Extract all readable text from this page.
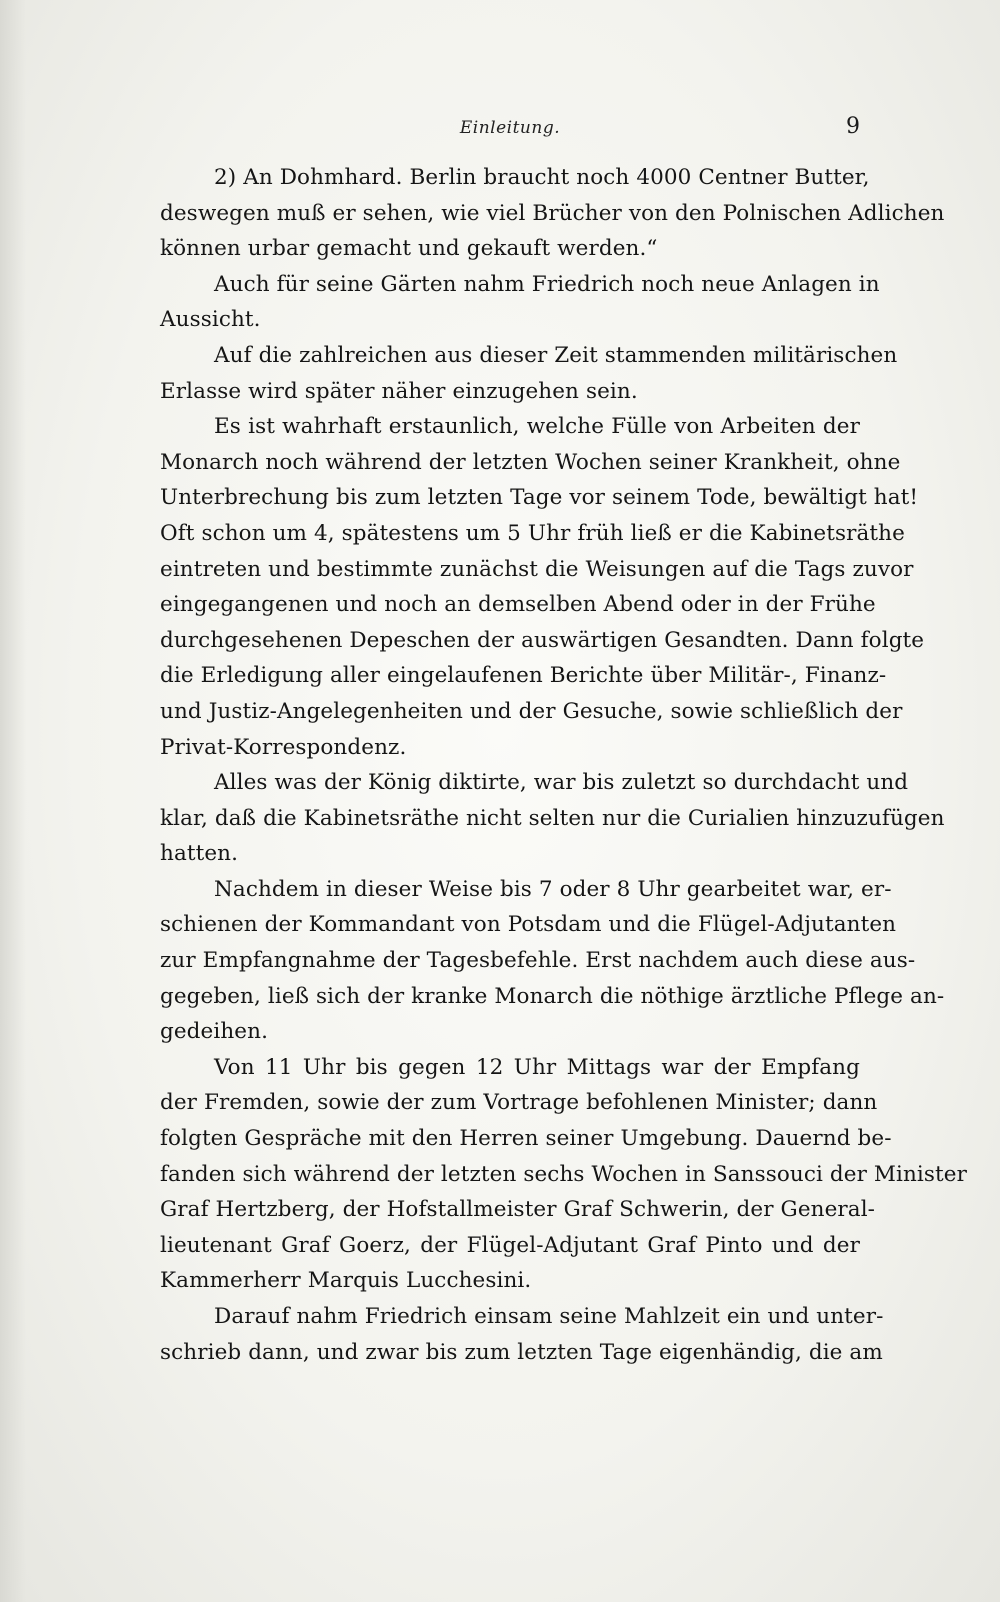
Einleitung.	9
2) An Dohmhard. Berlin braucht noch 4000 Centner Butter,
deswegen muß er sehen, wie viel Brücher von den Polnischen Adlichen
können urbar gemacht und gekauft werden.“
Auch für seine Gärten nahm Friedrich noch neue Anlagen in
Aussicht.
Auf die zahlreichen aus dieser Zeit stammenden militärischen
Erlasse wird später näher einzugehen sein.
Es ist wahrhaft erstaunlich, welche Fülle von Arbeiten der
Monarch noch während der letzten Wochen seiner Krankheit, ohne
Unterbrechung bis zum letzten Tage vor seinem Tode, bewältigt hat!
Oft schon um 4, spätestens um 5 Uhr früh ließ er die Kabinetsräthe
eintreten und bestimmte zunächst die Weisungen auf die Tags zuvor
eingegangenen und noch an demselben Abend oder in der Frühe
durchgesehenen Depeschen der auswärtigen Gesandten. Dann folgte
die Erledigung aller eingelaufenen Berichte über Militär-, Finanz-
und Justiz-Angelegenheiten und der Gesuche, sowie schließlich der
Privat-Korrespondenz.
Alles was der König diktirte, war bis zuletzt so durchdacht und
klar, daß die Kabinetsräthe nicht selten nur die Curialien hinzuzufügen
hatten.
Nachdem in dieser Weise bis 7 oder 8 Uhr gearbeitet war, er-
schienen der Kommandant von Potsdam und die Flügel-Adjutanten
zur Empfangnahme der Tagesbefehle. Erst nachdem auch diese aus-
gegeben, ließ sich der kranke Monarch die nöthige ärztliche Pflege an-
gedeihen.
Von 11 Uhr bis gegen 12 Uhr Mittags war der Empfang
der Fremden, sowie der zum Vortrage befohlenen Minister; dann
folgten Gespräche mit den Herren seiner Umgebung. Dauernd be-
fanden sich während der letzten sechs Wochen in Sanssouci der Minister
Graf Hertzberg, der Hofstallmeister Graf Schwerin, der General-
lieutenant Graf Goerz, der Flügel-Adjutant Graf Pinto und der
Kammerherr Marquis Lucchesini.
Darauf nahm Friedrich einsam seine Mahlzeit ein und unter-
schrieb dann, und zwar bis zum letzten Tage eigenhändig, die am
